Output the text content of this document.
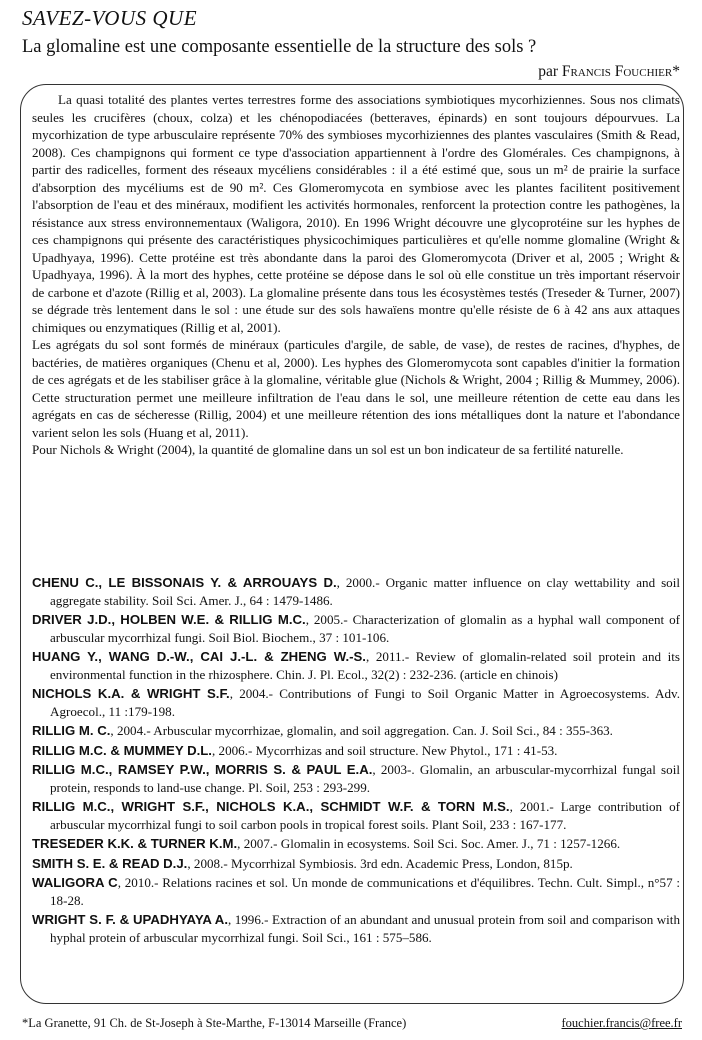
SAVEZ-VOUS QUE
La glomaline est une composante essentielle de la structure des sols ?
par Francis Fouchier*

La quasi totalité des plantes vertes terrestres forme des associations symbiotiques mycorhiziennes. Sous nos climats seules les crucifères (choux, colza) et les chénopodiacées (betteraves, épinards) en sont toujours dépourvues. La mycorhization de type arbusculaire représente 70% des symbioses mycorhiziennes des plantes vasculaires (Smith & Read, 2008). Ces champignons qui forment ce type d'association appartiennent à l'ordre des Glomérales. Ces champignons, à partir des radicelles, forment des réseaux mycéliens considérables : il a été estimé que, sous un m² de prairie la surface d'absorption des mycéliums est de 90 m². Ces Glomeromycota en symbiose avec les plantes facilitent positivement l'absorption de l'eau et des minéraux, modifient les activités hormonales, renforcent la protection contre les pathogènes, la résistance aux stress environnementaux (Waligora, 2010). En 1996 Wright découvre une glycoprotéine sur les hyphes de ces champignons qui présente des caractéristiques physicochimiques particulières et qu'elle nomme glomaline (Wright & Upadhyaya, 1996). Cette protéine est très abondante dans la paroi des Glomeromycota (Driver et al, 2005 ; Wright & Upadhyaya, 1996). À la mort des hyphes, cette protéine se dépose dans le sol où elle constitue un très important réservoir de carbone et d'azote (Rillig et al, 2003). La glomaline présente dans tous les écosystèmes testés (Treseder & Turner, 2007) se dégrade très lentement dans le sol : une étude sur des sols hawaïens montre qu'elle résiste de 6 à 42 ans aux attaques chimiques ou enzymatiques (Rillig et al, 2001).

Les agrégats du sol sont formés de minéraux (particules d'argile, de sable, de vase), de restes de racines, d'hyphes, de bactéries, de matières organiques (Chenu et al, 2000). Les hyphes des Glomeromycota sont capables d'initier la formation de ces agrégats et de les stabiliser grâce à la glomaline, véritable glue (Nichols & Wright, 2004 ; Rillig & Mummey, 2006). Cette structuration permet une meilleure infiltration de l'eau dans le sol, une meilleure rétention de cette eau dans les agrégats en cas de sécheresse (Rillig, 2004) et une meilleure rétention des ions métalliques dont la nature et l'abondance varient selon les sols (Huang et al, 2011).

Pour Nichols & Wright (2004), la quantité de glomaline dans un sol est un bon indicateur de sa fertilité naturelle.

CHENU C., LE BISSONAIS Y. & ARROUAYS D., 2000.- Organic matter influence on clay wettability and soil aggregate stability. Soil Sci. Amer. J., 64 : 1479-1486.

DRIVER J.D., HOLBEN W.E. & RILLIG M.C., 2005.- Characterization of glomalin as a hyphal wall component of arbuscular mycorrhizal fungi. Soil Biol. Biochem., 37 : 101-106.

HUANG Y., WANG D.-W., CAI J.-L. & ZHENG W.-S., 2011.- Review of glomalin-related soil protein and its environmental function in the rhizosphere. Chin. J. Pl. Ecol., 32(2) : 232-236. (article en chinois)

NICHOLS K.A. & WRIGHT S.F., 2004.- Contributions of Fungi to Soil Organic Matter in Agroecosystems. Adv. Agroecol., 11 :179-198.

RILLIG M. C., 2004.- Arbuscular mycorrhizae, glomalin, and soil aggregation. Can. J. Soil Sci., 84 : 355-363.

RILLIG M.C. & MUMMEY D.L., 2006.- Mycorrhizas and soil structure. New Phytol., 171 : 41-53.

RILLIG M.C., RAMSEY P.W., MORRIS S. & PAUL E.A., 2003-. Glomalin, an arbuscular-mycorrhizal fungal soil protein, responds to land-use change. Pl. Soil, 253 : 293-299.

RILLIG M.C., WRIGHT S.F., NICHOLS K.A., SCHMIDT W.F. & TORN M.S., 2001.- Large contribution of arbuscular mycorrhizal fungi to soil carbon pools in tropical forest soils. Plant Soil, 233 : 167-177.

TRESEDER K.K. & TURNER K.M., 2007.- Glomalin in ecosystems. Soil Sci. Soc. Amer. J., 71 : 1257-1266.

SMITH S. E. & READ D.J., 2008.- Mycorrhizal Symbiosis. 3rd edn. Academic Press, London, 815p.

WALIGORA C, 2010.- Relations racines et sol. Un monde de communications et d'équilibres. Techn. Cult. Simpl., n°57 : 18-28.

WRIGHT S. F. & UPADHYAYA A., 1996.- Extraction of an abundant and unusual protein from soil and comparison with hyphal protein of arbuscular mycorrhizal fungi. Soil Sci., 161 : 575–586.

*La Granette, 91 Ch. de St-Joseph à Ste-Marthe, F-13014 Marseille (France)	fouchier.francis@free.fr
